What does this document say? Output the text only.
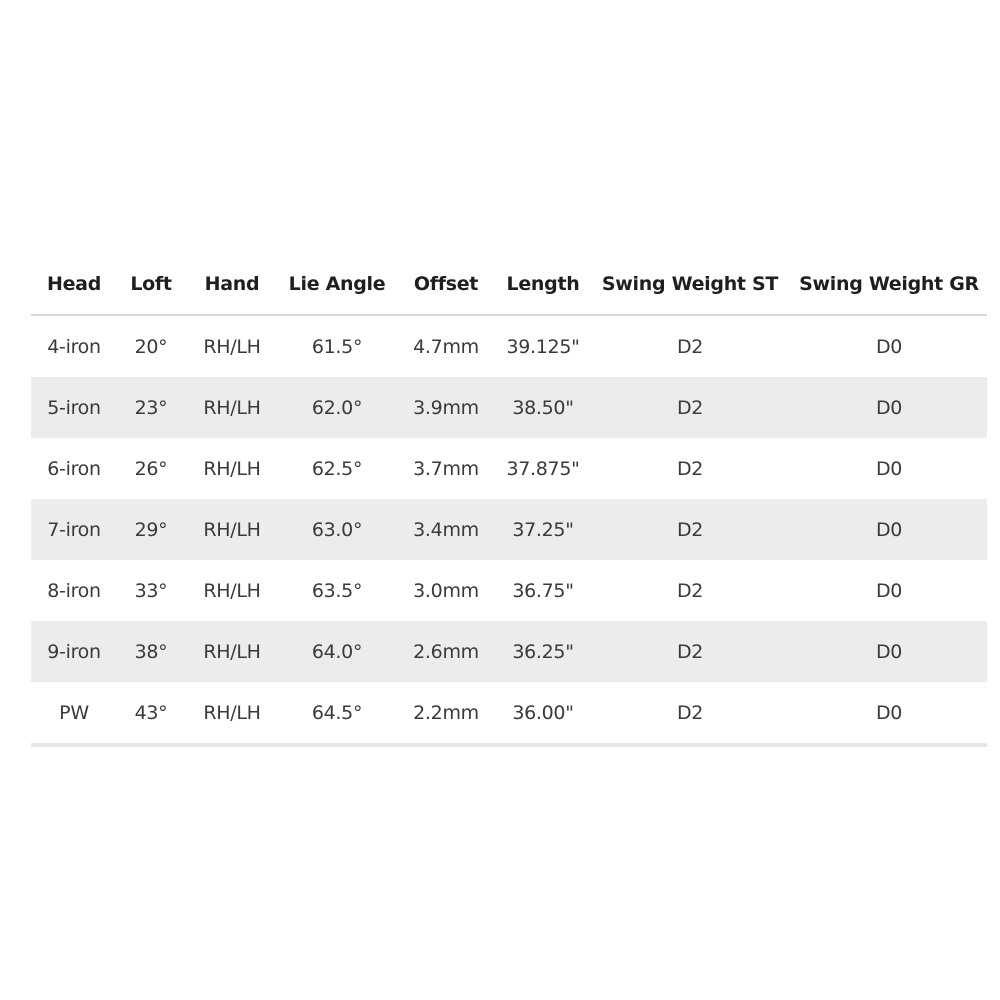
Head	Loft	Hand	Lie Angle	Offset	Length	Swing Weight ST	Swing Weight GR
4-iron	20°	RH/LH	61.5°	4.7mm	39.125"	D2	D0
5-iron	23°	RH/LH	62.0°	3.9mm	38.50"	D2	D0
6-iron	26°	RH/LH	62.5°	3.7mm	37.875"	D2	D0
7-iron	29°	RH/LH	63.0°	3.4mm	37.25"	D2	D0
8-iron	33°	RH/LH	63.5°	3.0mm	36.75"	D2	D0
9-iron	38°	RH/LH	64.0°	2.6mm	36.25"	D2	D0
PW	43°	RH/LH	64.5°	2.2mm	36.00"	D2	D0
